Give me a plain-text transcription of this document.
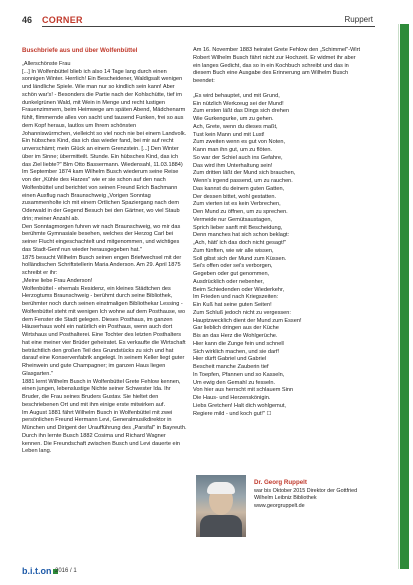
46 CORNER	Ruppert
Buschbriefe aus und über Wolfenbüttel

„Allerschönste Frau

[...] In Wolfenbüttel blieb ich also 14 Tage lang durch einen sonnigen Winter. Herrlich! Ein Bescheidener, Waldigsalt wenigen und ländliche Spiele. Wie man nur so kindlich sein kann! Aber schön war's! - Besonders die Partie nach der Kohlschütte, tief im dunkelgrünen Wald, mit Wein in Menge und recht lustigen Frauenzimmern, beim Heimwege am späten Abend, Mädchenarm fühlt, flimmernde alles von sacht und tausend Funken, frei so aus dem Kopf heraus, lautlos um Ihrem schönsten Johanniswürmchen, vielleicht so viel noch nie bei einem Landvolk. Ein hübsches Kind, das ich das wieder fand, bei mir auf recht unverschämt; mein Glück an einem Grenzstein. [...] Den Winter über im Sinne; übermitteilt. Stunde. Ein hübsches Kind, das ich das Ziel liebte?" Blm Otto Bassermann. Wiedensahl, 11.03.1884)

Im September 1874 kam Wilhelm Busch wiederum seine Reise von der „Kühle des Harzes" wie er sie schon auf den nach Wolfenbüttel und berichtet von seinen Freund Erich Bachmann einen Ausflug nach Braunschweig „Vorigen Sonntag zusammenholte ich mit einem Ortlichen Spaziergang nach dem Oderwald in der Gegend Besuch bei den Gärtner, wo viel Staub drin; meiner Anzahl ab.

Den Sonntagmorgen fuhren wir nach Braunschweig, wo mir das berühmte Gymnasiale besehen, welches der Herzog Carl bei seiner Flucht eingeschachtelt und mitgenommen, und wichtiges das Stadt-Genf nun wieder herausgegeben hat."

1875 besucht Wilhelm Busch seinen engen Briefwechsel mit der holländischen Schriftstellerin Maria Anderson. Am 29. April 1875 schreibt er ihr:

„Meine liebe Frau Anderson!

Wolfenbüttel - ehemals Residenz, ein kleines Städtchen des Herzogtums Braunschweig - berühmt durch seine Bibliothek, berühmter noch durch seinen einstmaligen Bibliothekar Lessing - Wolfenbüttel steht mit wenigen Ich wohne auf dem Posthause, wo dem Fenster die Stadt gelegen. Dieses Posthaus, im ganzen Häuserhaus wohl ein natürlich ein Posthaus, wenn auch dort Wirtshaus und Posthalterei. Eine Tochter des letzten Posthalters hat eine meiner vier Brüder geheiratet. Es verkaufte die Wirtschaft beträchtlich den großen Teil des Grundstücks zu sich und hat darauf eine Konservenfabrik angelegt. In seinem Keller liegt guter Rheinwein und gute Champagner; im ganzen Haus liegen Glasgarten."

1881 lernt Wilhelm Busch in Wolfenbüttel Grete Fehlow kennen, einen jungen, lebenslustige Nichte seiner Schwester Ida. Ihr Bruder, die Frau seines Bruders Gustav. Sie hieltet den beschriebenen Ort und mit ihm einige erste mitwirken auf.

Im August 1881 fährt Wilhelm Busch in Wolfenbüttel mit zwei persönlichen Freund Hermann Levi, Generalmusikdirektor in München und Dirigent der Uraufführung des „Parsifal" in Bayreuth. Durch ihn lernte Busch 1882 Cosima und Richard Wagner kennen. Die Freundschaft zwischen Busch und Levi dauerte ein Leben lang.

Am 16. November 1883 heiratet Grete Fehlow den „Schimmel"-Wirt Robert Wilhelm Busch fährt nicht zur Hochzeit. Er widmet ihr aber ein langes Gedicht, das so in ein Kochbuch schreibt und das in diesem Buch eine Ausgabe des Erinnerung am Wilhelm Busch beendet:

„Es wird behauptet, und mit Grund,

Ein nützlich Werkzeug sei der Mund!

Zum ersten läßt das Dings sich drehen

Wie Gurkengurke, um zu gehen.

Ach, Grete, wenn du dieses maßt,

Tust kein Mann und mit Lust!

Zum zweiten wenn es gut von Noten,

Kann man ihn gut, um zu flöten.

So war der Schiel auch ins Gefahre,

Das wird ihm Unterhaltung sein!

Zum dritten läßt der Mund sich brauchen,

Wenn's irgend passend, um zu rauchen.

Das kannst du deinem guten Gatten,

Der dessen bittet, wohl gestatten.

Zum vierten ist es kein Verbrechen,

Den Mund zu öffnen, um zu sprechen.

Vermeide nur Gemütsaustagen,

Sprich lieber sanft mit Bescheidung,

Denn manches hat sich schon beklagt:

„Ach, hätt' ich das doch nicht gesagt!"

Zum fünften, wie wir alle wissen,

Soll gibst sich der Mund zum Küssen.

Sei's offen oder sei's verborgen,

Gegeben oder gut genommen,

Ausdrücklich oder nebenher,

Beim Schiedenden oder Wiederkehr,

Im Frieden und nach Kriegszeiten:

Ein Kuß hat seine guten Seiten!

Zum Schluß jedoch nicht zu vergessen:

Hauptzwecklich dient der Mund zum Essen!

Gar lieblich dringen aus der Küche

Bis an das Herz die Wohlgerüche.

Hier kann die Zunge fein und schnell

Sich wirklich machen, und sie darf!

Hier dürft Gabriel und Gabriel

Bescheit manche Zauberin tief

In Toepfen, Pfannen und so Kasseln,

Um ewig den Gemahl zu fesseln.

Von hier aus herrscht mit schlauem Sinn

Die Haus- und Herzenskönigin.

Liebs Gretchen! Halt dich wohlgemut,

Regiere mild - und koch gut!" ☐

Dr. Georg Ruppelt
war bis Oktober 2015 Direktor der Gottfried Wilhelm Leibniz Bibliothek www.georgruppelt.de
b.i.t.on 2016 / 1
